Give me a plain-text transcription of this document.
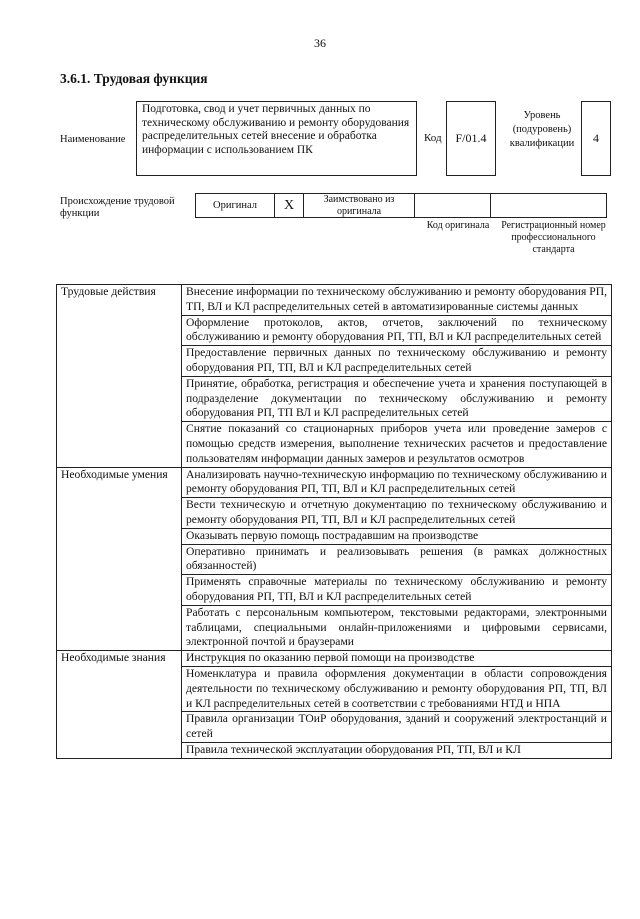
36
3.6.1. Трудовая функция
Наименование
Подготовка, свод и учет первичных данных по техническому обслуживанию и ремонту оборудования распределительных сетей внесение и обработка информации с использованием ПК
Код	F/01.4
Уровень (подуровень) квалификации	4
Происхождение трудовой функции
Оригинал	X	Заимствовано из оригинала
Код оригинала	Регистрационный номер профессионального стандарта
Трудовые действия	Внесение информации по техническому обслуживанию и ремонту оборудования РП, ТП, ВЛ и КЛ распределительных сетей в автоматизированные системы данных
	Оформление протоколов, актов, отчетов, заключений по техническому обслуживанию и ремонту оборудования РП, ТП, ВЛ и КЛ распределительных сетей
	Предоставление первичных данных по техническому обслуживанию и ремонту оборудования РП, ТП, ВЛ и КЛ распределительных сетей
	Принятие, обработка, регистрация и обеспечение учета и хранения поступающей в подразделение документации по техническому обслуживанию и ремонту оборудования РП, ТП ВЛ и КЛ распределительных сетей
	Снятие показаний со стационарных приборов учета или проведение замеров с помощью средств измерения, выполнение технических расчетов и предоставление пользователям информации данных замеров и результатов осмотров
Необходимые умения	Анализировать научно-техническую информацию по техническому обслуживанию и ремонту оборудования РП, ТП, ВЛ и КЛ распределительных сетей
	Вести техническую и отчетную документацию по техническому обслуживанию и ремонту оборудования РП, ТП, ВЛ и КЛ распределительных сетей
	Оказывать первую помощь пострадавшим на производстве
	Оперативно принимать и реализовывать решения (в рамках должностных обязанностей)
	Применять справочные материалы по техническому обслуживанию и ремонту оборудования РП, ТП, ВЛ и КЛ распределительных сетей
	Работать с персональным компьютером, текстовыми редакторами, электронными таблицами, специальными онлайн-приложениями и цифровыми сервисами, электронной почтой и браузерами
Необходимые знания	Инструкция по оказанию первой помощи на производстве
	Номенклатура и правила оформления документации в области сопровождения деятельности по техническому обслуживанию и ремонту оборудования РП, ТП, ВЛ и КЛ распределительных сетей в соответствии с требованиями НТД и НПА
	Правила организации ТОиР оборудования, зданий и сооружений электростанций и сетей
	Правила технической эксплуатации оборудования РП, ТП, ВЛ и КЛ
